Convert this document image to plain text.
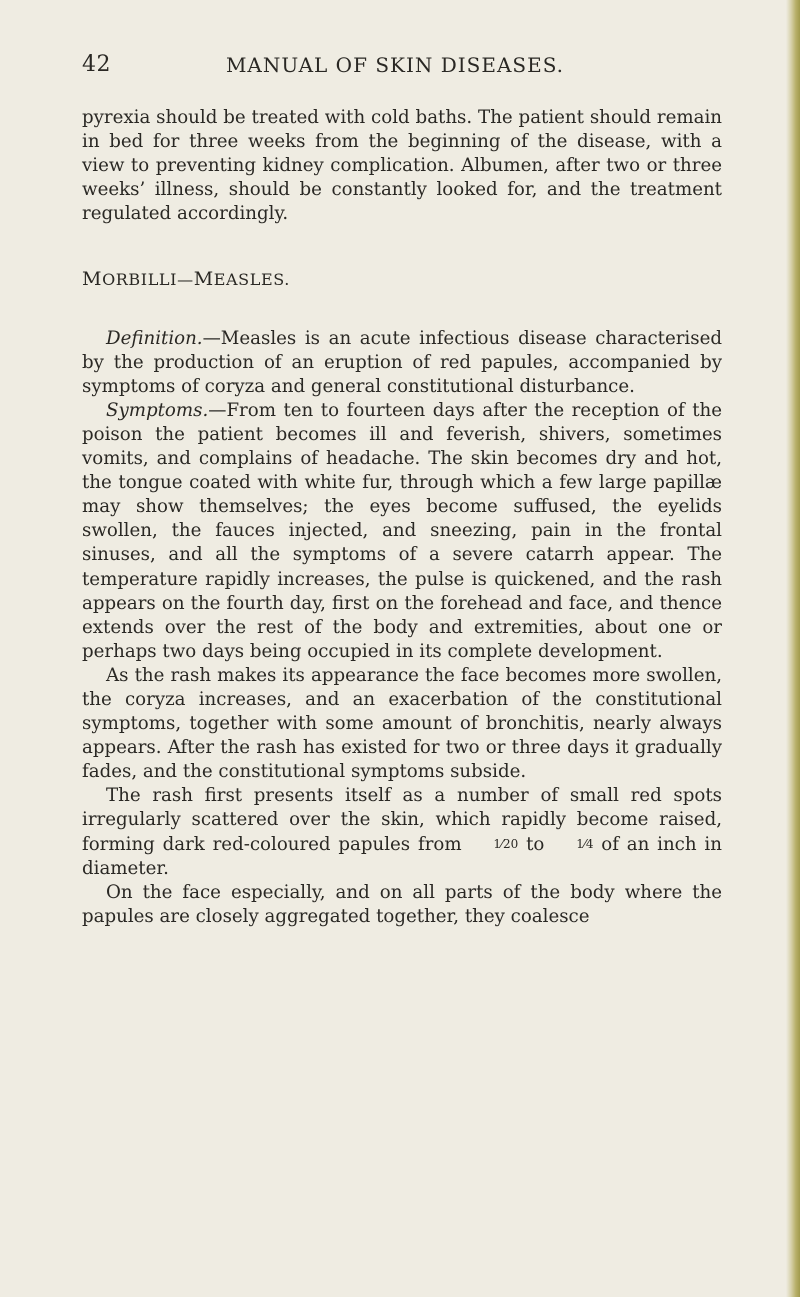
42	MANUAL OF SKIN DISEASES.

pyrexia should be treated with cold baths. The patient should remain in bed for three weeks from the beginning of the disease, with a view to preventing kidney complication. Albumen, after two or three weeks’ illness, should be constantly looked for, and the treatment regulated accordingly.

MORBILLI—MEASLES.

Definition.—Measles is an acute infectious disease characterised by the production of an eruption of red papules, accompanied by symptoms of coryza and general constitutional disturbance.

Symptoms.—From ten to fourteen days after the reception of the poison the patient becomes ill and feverish, shivers, sometimes vomits, and complains of headache. The skin becomes dry and hot, the tongue coated with white fur, through which a few large papillæ may show themselves; the eyes become suffused, the eyelids swollen, the fauces injected, and sneezing, pain in the frontal sinuses, and all the symptoms of a severe catarrh appear. The temperature rapidly increases, the pulse is quickened, and the rash appears on the fourth day, first on the forehead and face, and thence extends over the rest of the body and extremities, about one or perhaps two days being occupied in its complete development.

As the rash makes its appearance the face becomes more swollen, the coryza increases, and an exacerbation of the constitutional symptoms, together with some amount of bronchitis, nearly always appears. After the rash has existed for two or three days it gradually fades, and the constitutional symptoms subside.

The rash first presents itself as a number of small red spots irregularly scattered over the skin, which rapidly become raised, forming dark red-coloured papules from	1⁄20 to	1⁄4 of an inch in diameter.

On the face especially, and on all parts of the body where the papules are closely aggregated together, they coalesce
